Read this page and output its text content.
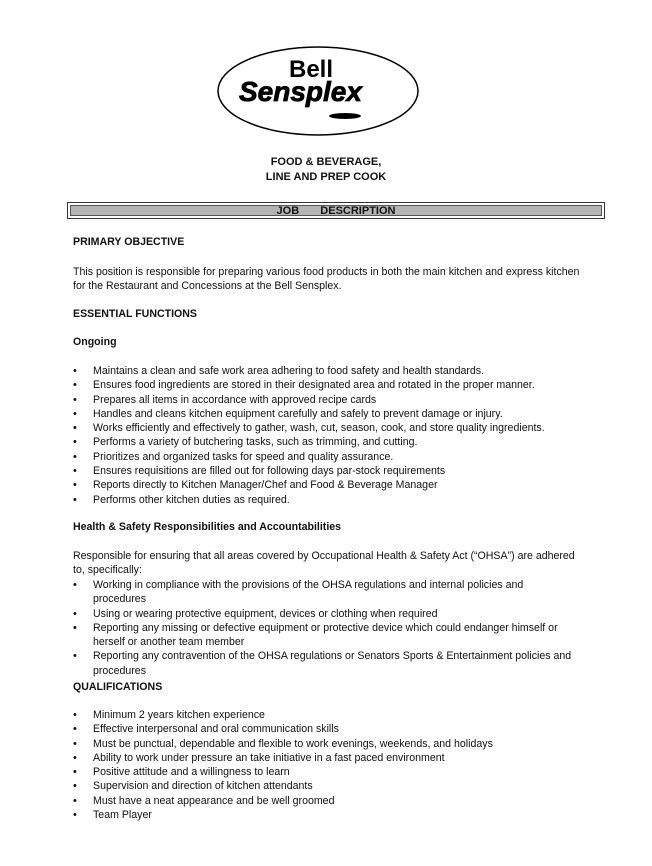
Bell
Sensplex
FOOD & BEVERAGE,
LINE AND PREP COOK
JOB   DESCRIPTION
PRIMARY OBJECTIVE
This position is responsible for preparing various food products in both the main kitchen and express kitchen
for the Restaurant and Concessions at the Bell Sensplex.
ESSENTIAL FUNCTIONS
Ongoing
• Maintains a clean and safe work area adhering to food safety and health standards.
• Ensures food ingredients are stored in their designated area and rotated in the proper manner.
• Prepares all items in accordance with approved recipe cards
• Handles and cleans kitchen equipment carefully and safely to prevent damage or injury.
• Works efficiently and effectively to gather, wash, cut, season, cook, and store quality ingredients.
• Performs a variety of butchering tasks, such as trimming, and cutting.
• Prioritizes and organized tasks for speed and quality assurance.
• Ensures requisitions are filled out for following days par-stock requirements
• Reports directly to Kitchen Manager/Chef and Food & Beverage Manager
• Performs other kitchen duties as required.
Health & Safety Responsibilities and Accountabilities
Responsible for ensuring that all areas covered by Occupational Health & Safety Act (“OHSA”) are adhered
to, specifically:
• Working in compliance with the provisions of the OHSA regulations and internal policies and procedures
• Using or wearing protective equipment, devices or clothing when required
• Reporting any missing or defective equipment or protective device which could endanger himself or herself or another team member
• Reporting any contravention of the OHSA regulations or Senators Sports & Entertainment policies and procedures
QUALIFICATIONS
• Minimum 2 years kitchen experience
• Effective interpersonal and oral communication skills
• Must be punctual, dependable and flexible to work evenings, weekends, and holidays
• Ability to work under pressure an take initiative in a fast paced environment
• Positive attitude and a willingness to learn
• Supervision and direction of kitchen attendants
• Must have a neat appearance and be well groomed
• Team Player
